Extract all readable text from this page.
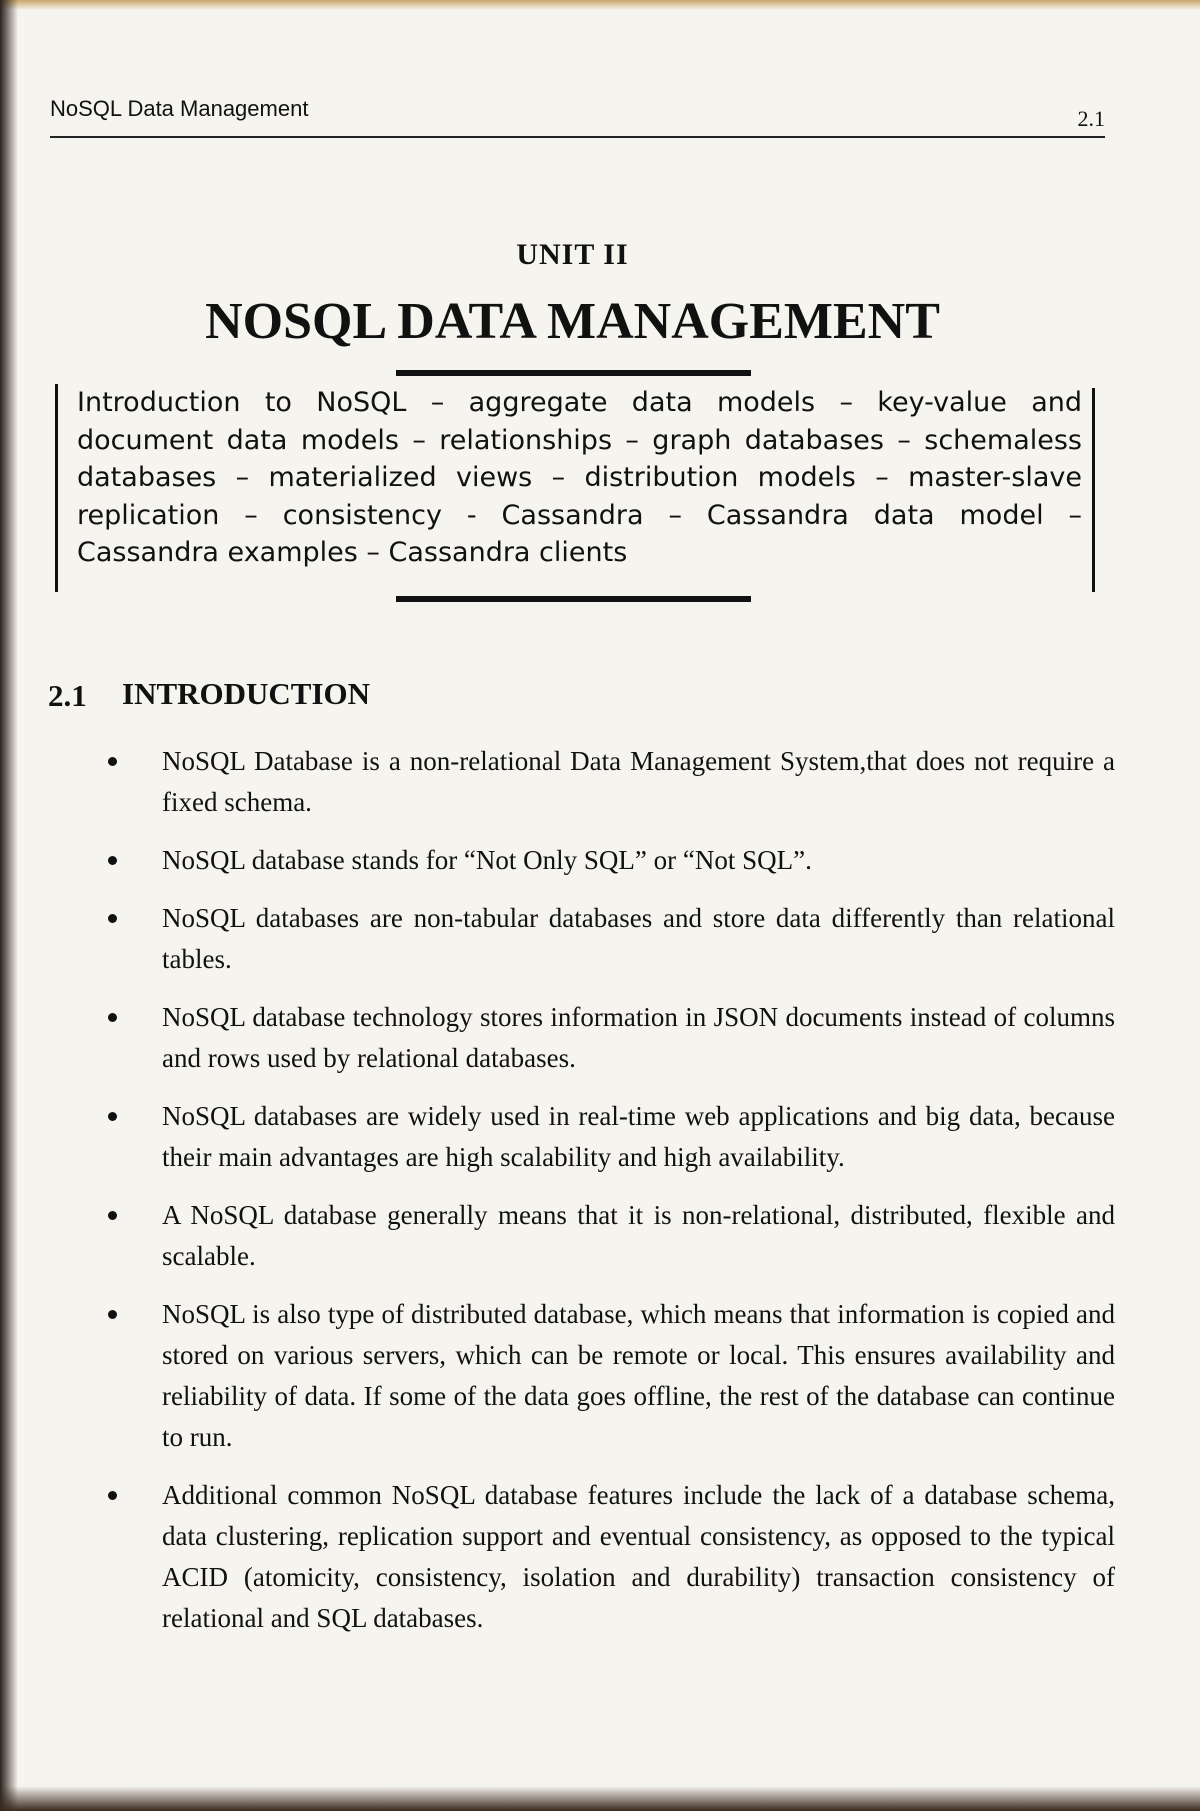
NoSQL Data Management	2.1
UNIT II
NOSQL DATA MANAGEMENT
Introduction to NoSQL – aggregate data models – key-value and document data models – relationships – graph databases – schemaless databases – materialized views – distribution models – master-slave replication – consistency - Cassandra – Cassandra data model – Cassandra examples – Cassandra clients
2.1 INTRODUCTION
NoSQL Database is a non-relational Data Management System,that does not require a fixed schema.
NoSQL database stands for “Not Only SQL” or “Not SQL”.
NoSQL databases are non-tabular databases and store data differently than relational tables.
NoSQL database technology stores information in JSON documents instead of columns and rows used by relational databases.
NoSQL databases are widely used in real-time web applications and big data, because their main advantages are high scalability and high availability.
A NoSQL database generally means that it is non-relational, distributed, flexible and scalable.
NoSQL is also type of distributed database, which means that information is copied and stored on various servers, which can be remote or local. This ensures availability and reliability of data. If some of the data goes offline, the rest of the database can continue to run.
Additional common NoSQL database features include the lack of a database schema, data clustering, replication support and eventual consistency, as opposed to the typical ACID (atomicity, consistency, isolation and durability) transaction consistency of relational and SQL databases.
